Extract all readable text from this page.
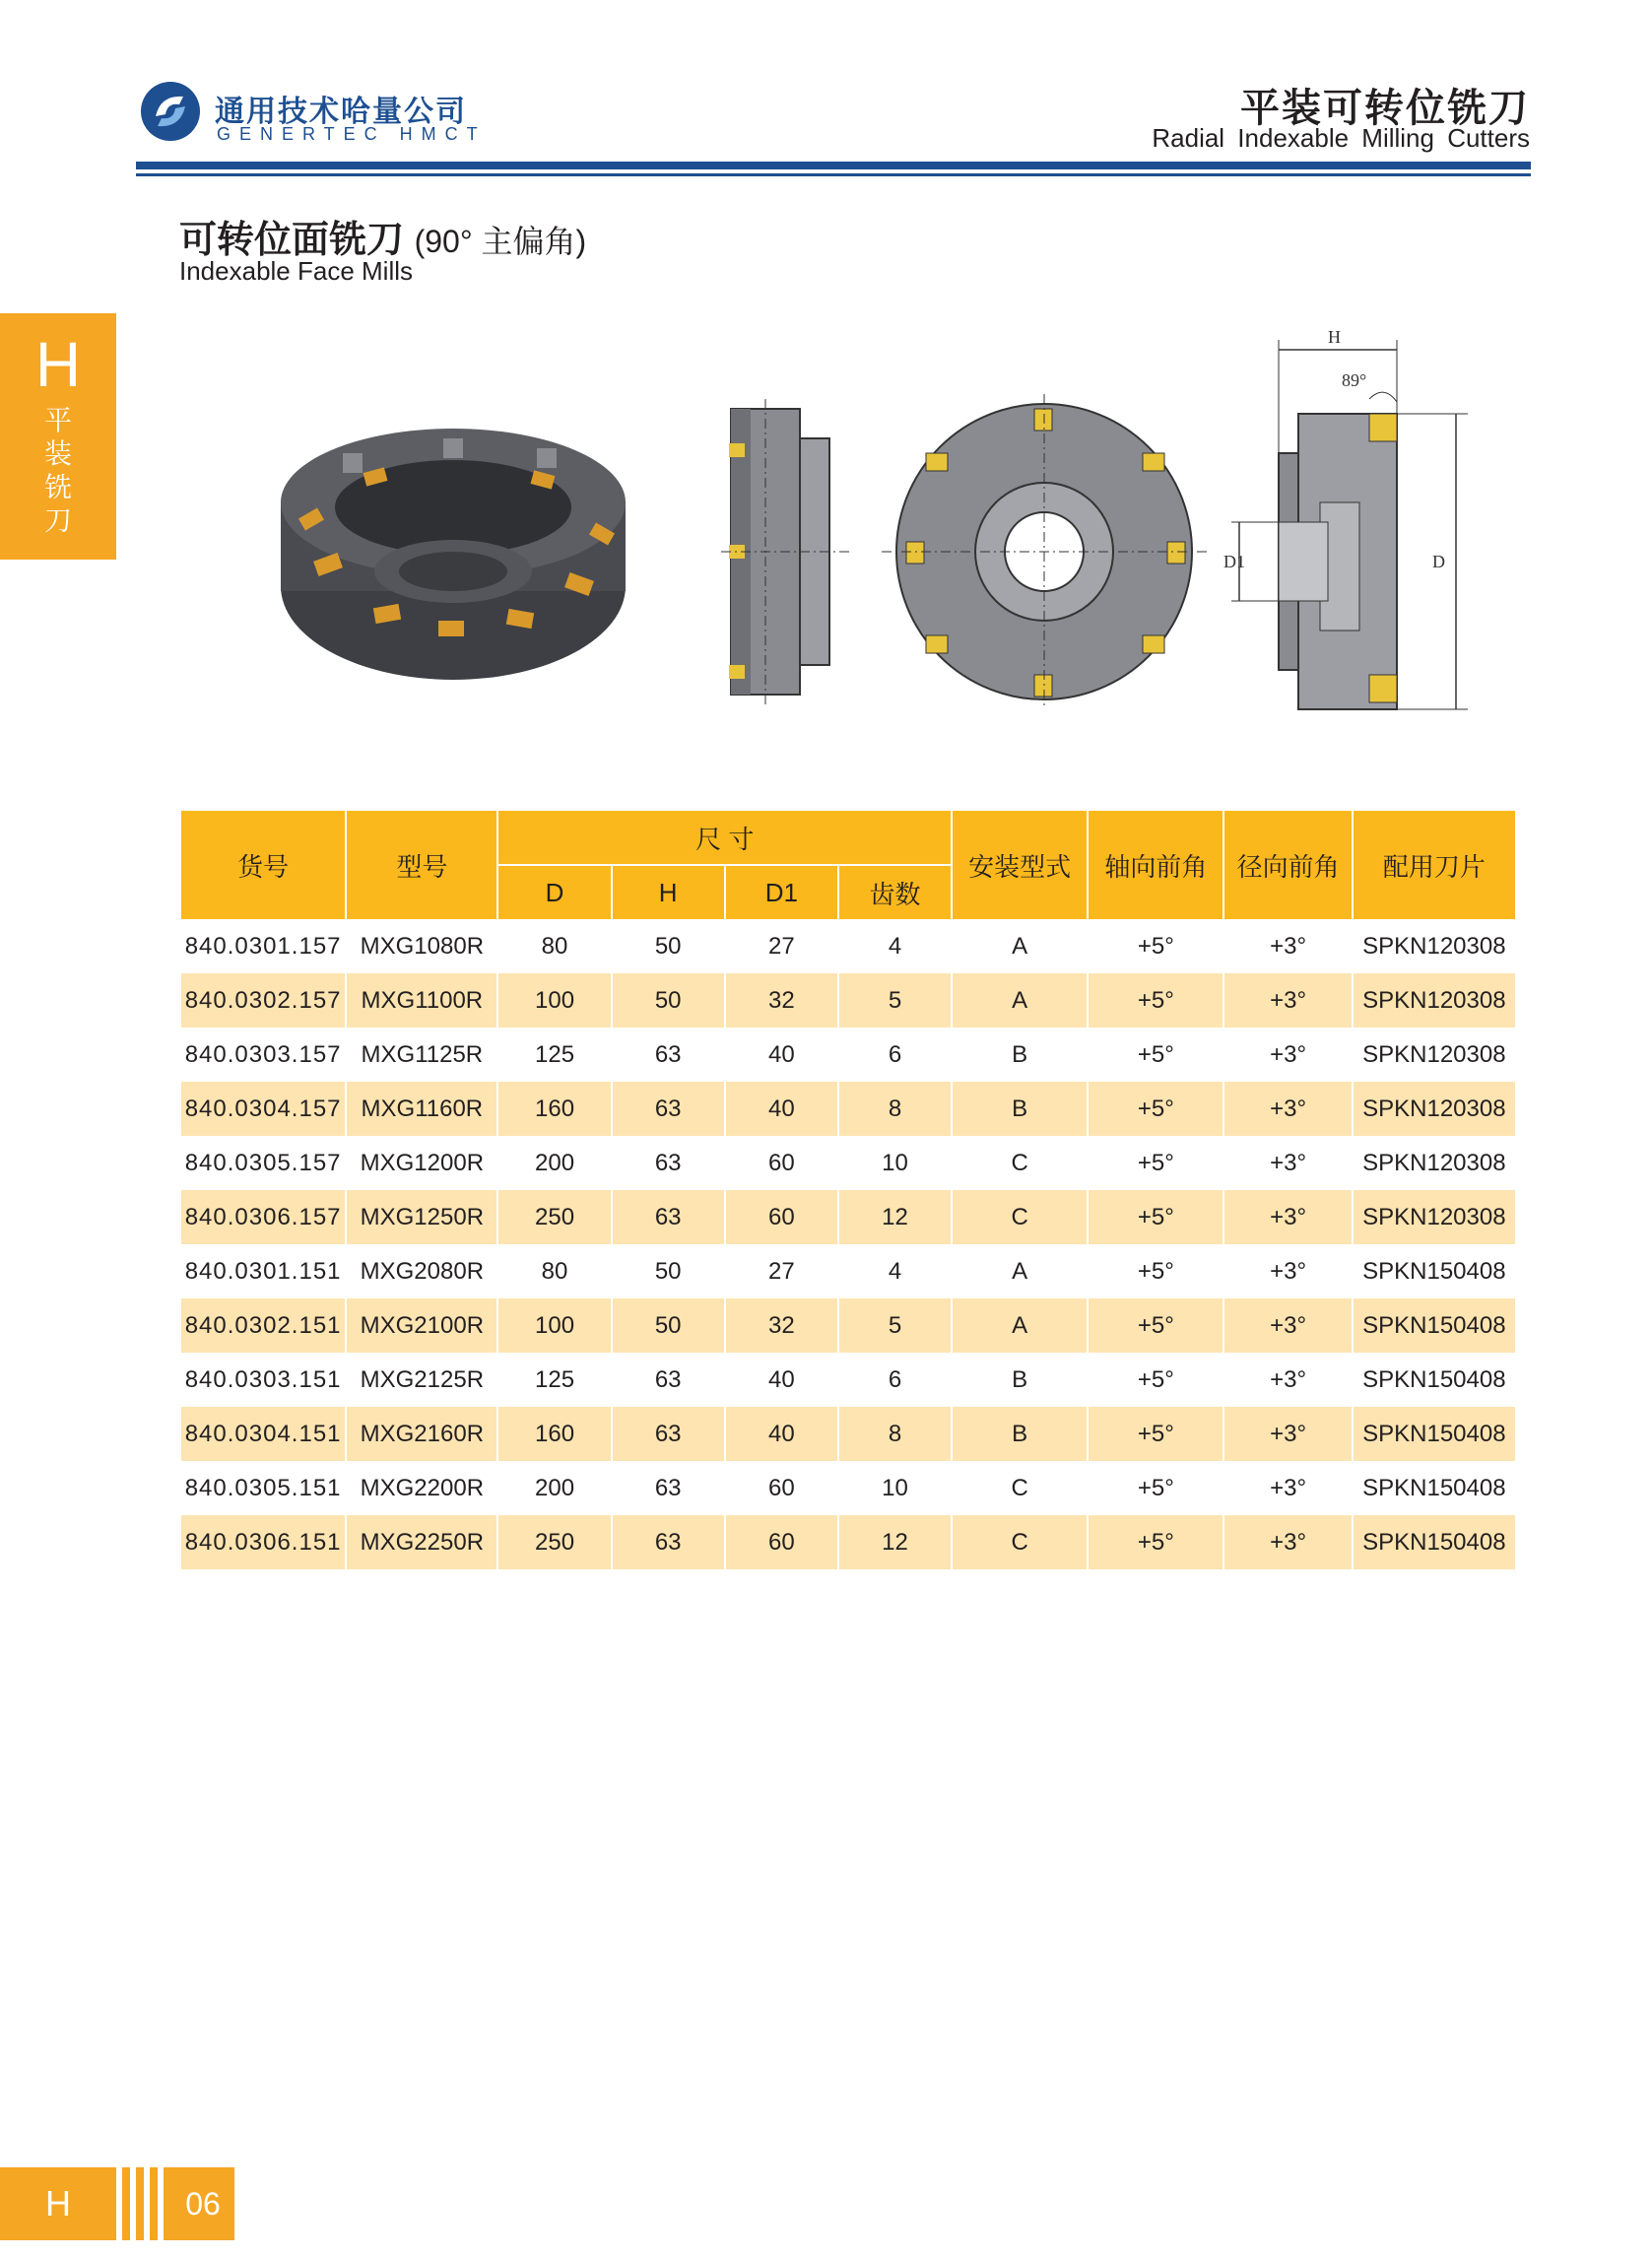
通用技术哈量公司
GENERTEC HMCT
平装可转位铣刀
Radial Indexable Milling Cutters
H
平装铣刀
可转位面铣刀 (90° 主偏角)
Indexable Face Mills
H
89°
D1	D
货号	型号	尺 寸				安装型式	轴向前角	径向前角	配用刀片
		D	H	D1	齿数				
840.0301.157	MXG1080R	80	50	27	4	A	+5°	+3°	SPKN120308
840.0302.157	MXG1100R	100	50	32	5	A	+5°	+3°	SPKN120308
840.0303.157	MXG1125R	125	63	40	6	B	+5°	+3°	SPKN120308
840.0304.157	MXG1160R	160	63	40	8	B	+5°	+3°	SPKN120308
840.0305.157	MXG1200R	200	63	60	10	C	+5°	+3°	SPKN120308
840.0306.157	MXG1250R	250	63	60	12	C	+5°	+3°	SPKN120308
840.0301.151	MXG2080R	80	50	27	4	A	+5°	+3°	SPKN150408
840.0302.151	MXG2100R	100	50	32	5	A	+5°	+3°	SPKN150408
840.0303.151	MXG2125R	125	63	40	6	B	+5°	+3°	SPKN150408
840.0304.151	MXG2160R	160	63	40	8	B	+5°	+3°	SPKN150408
840.0305.151	MXG2200R	200	63	60	10	C	+5°	+3°	SPKN150408
840.0306.151	MXG2250R	250	63	60	12	C	+5°	+3°	SPKN150408
H	06
